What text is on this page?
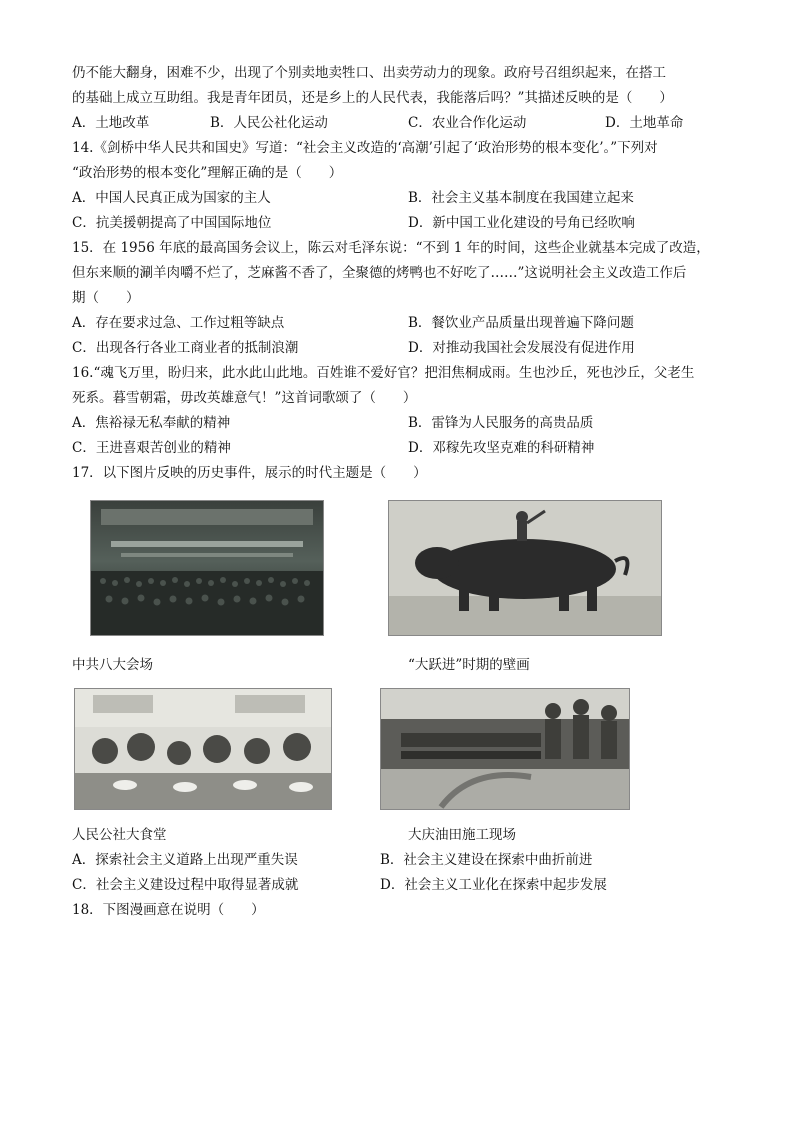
仍不能大翻身，困难不少，出现了个别卖地卖牲口、出卖劳动力的现象。政府号召组织起来，在搭工
的基础上成立互助组。我是青年团员，还是乡上的人民代表，我能落后吗？”其描述反映的是（　　）
A．土地改革	B．人民公社化运动	C．农业合作化运动	D．土地革命
14.《剑桥中华人民共和国史》写道：“社会主义改造的‘高潮’引起了‘政治形势的根本变化’。”下列对
“政治形势的根本变化”理解正确的是（　　）
A．中国人民真正成为国家的主人	B．社会主义基本制度在我国建立起来
C．抗美援朝提高了中国国际地位	D．新中国工业化建设的号角已经吹响
15．在 1956 年底的最高国务会议上，陈云对毛泽东说：“不到 1 年的时间，这些企业就基本完成了改造，
但东来顺的涮羊肉嚼不烂了，芝麻酱不香了，全聚德的烤鸭也不好吃了……”这说明社会主义改造工作后
期（　　）
A．存在要求过急、工作过粗等缺点	B．餐饮业产品质量出现普遍下降问题
C．出现各行各业工商业者的抵制浪潮	D．对推动我国社会发展没有促进作用
16.“魂飞万里，盼归来，此水此山此地。百姓谁不爱好官？把泪焦桐成雨。生也沙丘，死也沙丘，父老生
死系。暮雪朝霜，毋改英雄意气！”这首词歌颂了（　　）
A．焦裕禄无私奉献的精神	B．雷锋为人民服务的高贵品质
C．王进喜艰苦创业的精神	D．邓稼先攻坚克难的科研精神
17．以下图片反映的历史事件，展示的时代主题是（　　）
中共八大会场	“大跃进”时期的壁画
人民公社大食堂	大庆油田施工现场
A．探索社会主义道路上出现严重失误	B．社会主义建设在探索中曲折前进
C．社会主义建设过程中取得显著成就	D．社会主义工业化在探索中起步发展
18．下图漫画意在说明（　　）
